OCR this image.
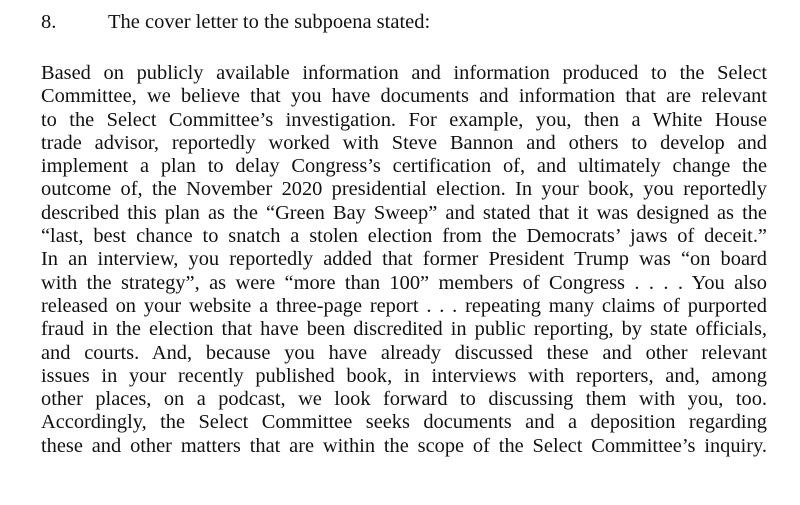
8.	The cover letter to the subpoena stated:
Based on publicly available information and information produced to the Select
Committee, we believe that you have documents and information that are relevant
to the Select Committee’s investigation. For example, you, then a White House
trade advisor, reportedly worked with Steve Bannon and others to develop and
implement a plan to delay Congress’s certification of, and ultimately change the
outcome of, the November 2020 presidential election. In your book, you reportedly
described this plan as the “Green Bay Sweep” and stated that it was designed as the
“last, best chance to snatch a stolen election from the Democrats’ jaws of deceit.”
In an interview, you reportedly added that former President Trump was “on board
with the strategy”, as were “more than 100” members of Congress . . . . You also
released on your website a three-page report . . . repeating many claims of purported
fraud in the election that have been discredited in public reporting, by state officials,
and courts. And, because you have already discussed these and other relevant
issues in your recently published book, in interviews with reporters, and, among
other places, on a podcast, we look forward to discussing them with you, too.
Accordingly, the Select Committee seeks documents and a deposition regarding
these and other matters that are within the scope of the Select Committee’s inquiry.
